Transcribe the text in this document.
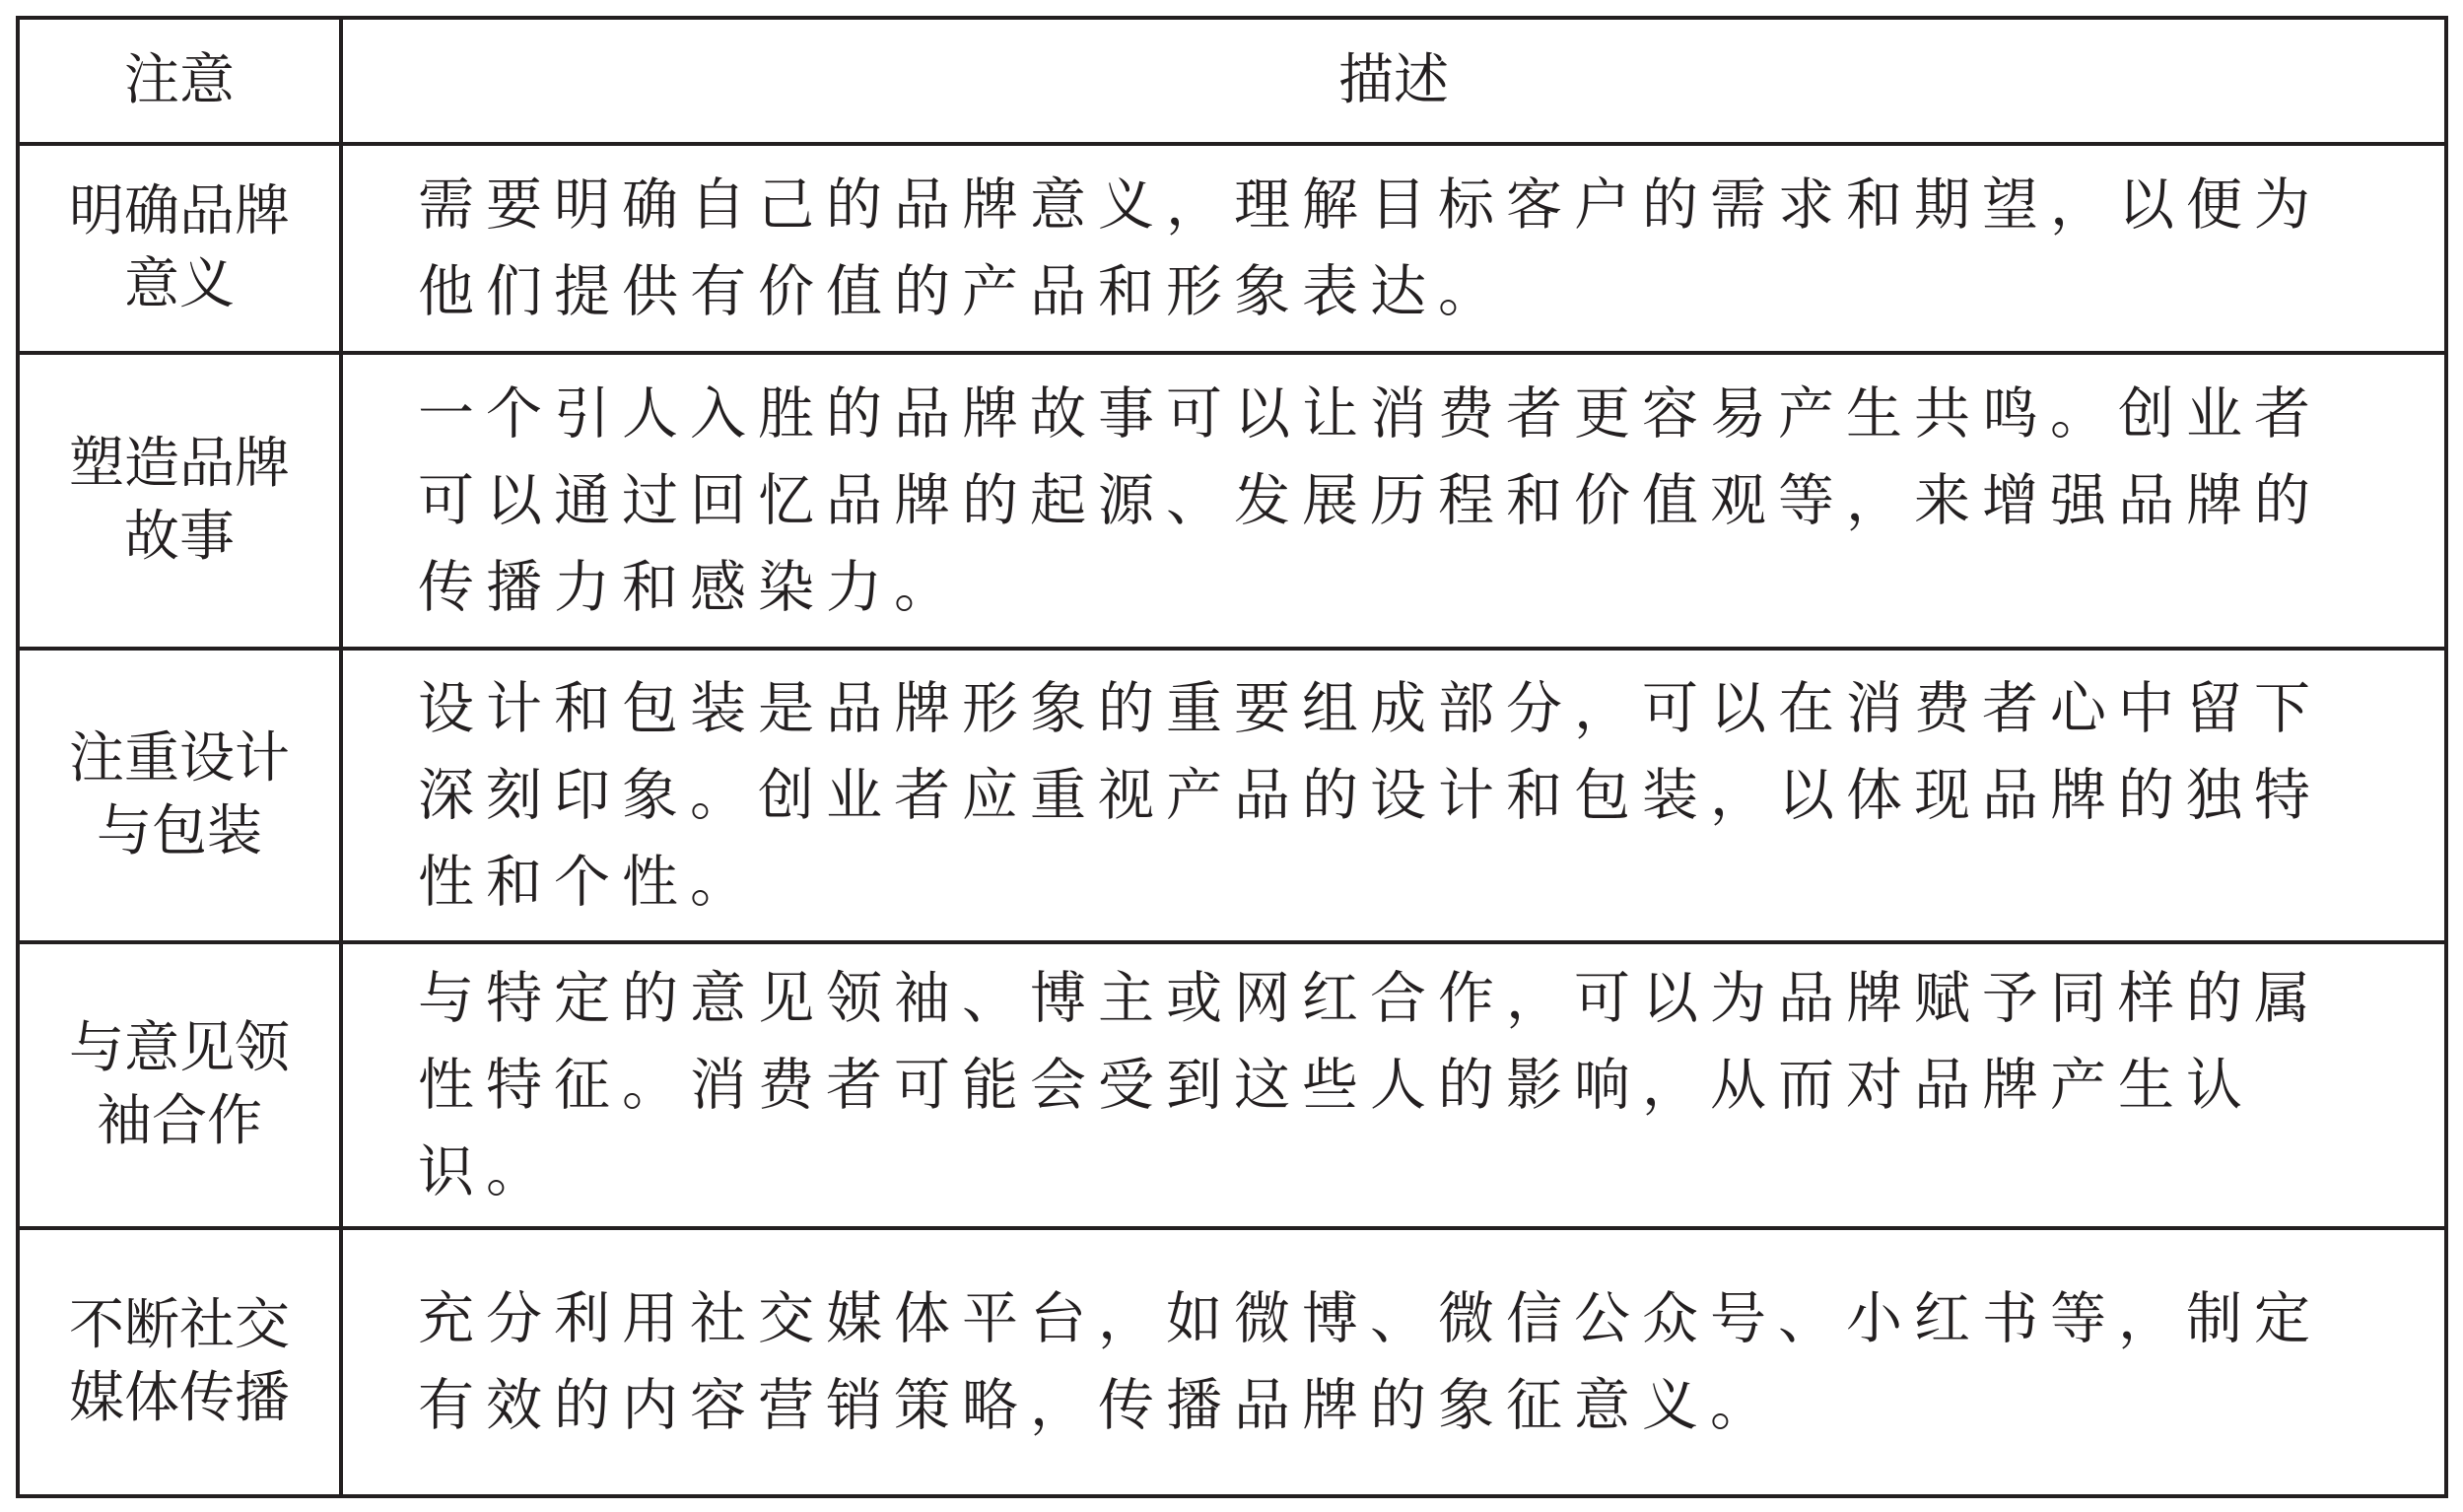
注意	描述
明确品牌意义	需要明确自己的品牌意义，理解目标客户的需求和期望，以便为他们提供有价值的产品和形象表达。

塑造品牌故事	一个引人入胜的品牌故事可以让消费者更容易产生共鸣。创业者可以通过回忆品牌的起源、发展历程和价值观等，来增强品牌的传播力和感染力。

注重设计与包装	设计和包装是品牌形象的重要组成部分，可以在消费者心中留下深刻印象。创业者应重视产品的设计和包装，以体现品牌的独特性和个性。

与意见领袖合作	与特定的意见领袖、博主或网红合作，可以为品牌赋予同样的属性特征。消费者可能会受到这些人的影响，从而对品牌产生认识。

不断社交媒体传播	充分利用社交媒体平台，如微博、微信公众号、小红书等，制定有效的内容营销策略，传播品牌的象征意义。
